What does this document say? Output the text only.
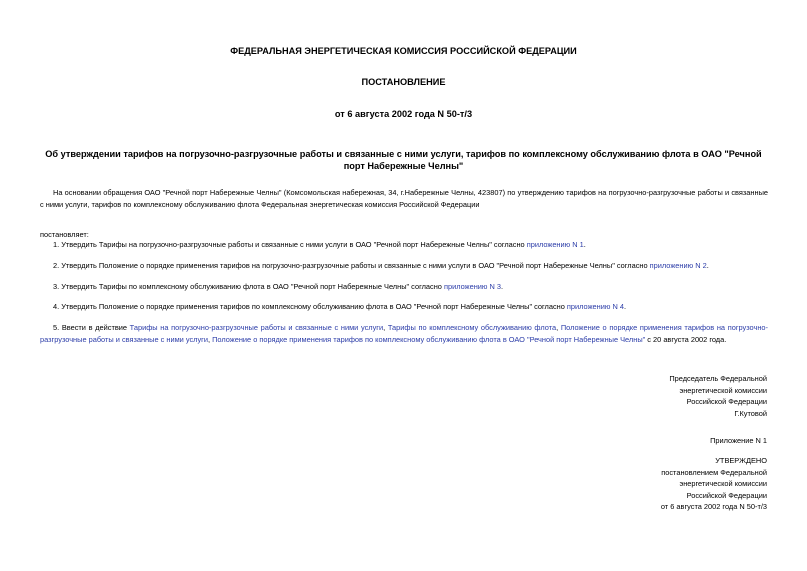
ФЕДЕРАЛЬНАЯ ЭНЕРГЕТИЧЕСКАЯ КОМИССИЯ РОССИЙСКОЙ ФЕДЕРАЦИИ
ПОСТАНОВЛЕНИЕ
от 6 августа 2002 года N 50-т/3
Об утверждении тарифов на погрузочно-разгрузочные работы и связанные с ними услуги, тарифов по комплексному обслуживанию флота в ОАО "Речной порт Набережные Челны"
На основании обращения ОАО "Речной порт Набережные Челны" (Комсомольская набережная, 34, г.Набережные Челны, 423807) по утверждению тарифов на погрузочно-разгрузочные работы и связанные с ними услуги, тарифов по комплексному обслуживанию флота Федеральная энергетическая комиссия Российской Федерации
постановляет:
1. Утвердить Тарифы на погрузочно-разгрузочные работы и связанные с ними услуги в ОАО "Речной порт Набережные Челны" согласно приложению N 1.
2. Утвердить Положение о порядке применения тарифов на погрузочно-разгрузочные работы и связанные с ними услуги в ОАО "Речной порт Набережные Челны" согласно приложению N 2.
3. Утвердить Тарифы по комплексному обслуживанию флота в ОАО "Речной порт Набережные Челны" согласно приложению N 3.
4. Утвердить Положение о порядке применения тарифов по комплексному обслуживанию флота в ОАО "Речной порт Набережные Челны" согласно приложению N 4.
5. Ввести в действие Тарифы на погрузочно-разгрузочные работы и связанные с ними услуги, Тарифы по комплексному обслуживанию флота, Положение о порядке применения тарифов на погрузочно-разгрузочные работы и связанные с ними услуги, Положение о порядке применения тарифов по комплексному обслуживанию флота в ОАО "Речной порт Набережные Челны" с 20 августа 2002 года.
Председатель Федеральной
энергетической комиссии
Российской Федерации
Г.Кутовой
Приложение N 1
УТВЕРЖДЕНО
постановлением Федеральной
энергетической комиссии
Российской Федерации
от 6 августа 2002 года N 50-т/3
